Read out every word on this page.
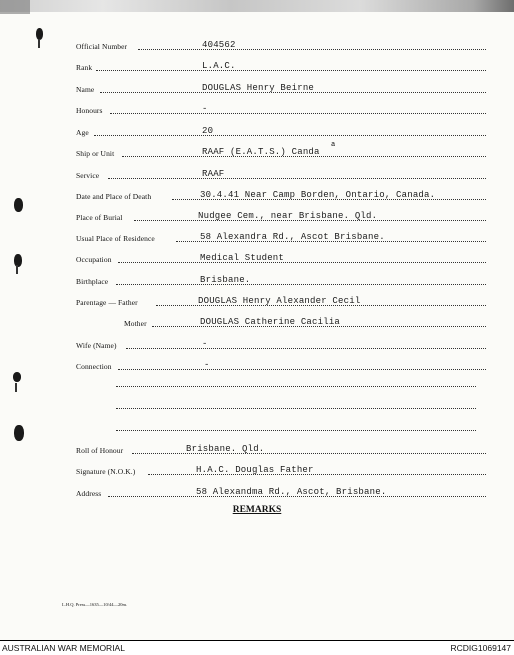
Official Number	404562
Rank	L.A.C.
Name	DOUGLAS Henry Beirne
Honours	-
Age	20
Ship or Unit	RAAF (E.A.T.S.) Canda
a
Service	RAAF
Date and Place of Death	30.4.41 Near Camp Borden, Ontario, Canada.
Place of Burial	Nudgee Cem., near Brisbane. Qld.
Usual Place of Residence	58 Alexandra Rd., Ascot Brisbane.
Occupation	Medical Student
Birthplace	Brisbane.
Parentage — Father	DOUGLAS Henry Alexander Cecil
Mother	DOUGLAS Catherine Cacilia
Wife (Name)	-
Connection	-
Roll of Honour	Brisbane. Qld.
Signature (N.O.K.)	H.A.C. Douglas Father
Address	58 Alexandma Rd., Ascot, Brisbane.
REMARKS
L.H.Q. Press—1635—10/44—20m.
AUSTRALIAN WAR MEMORIAL	RCDIG1069147
